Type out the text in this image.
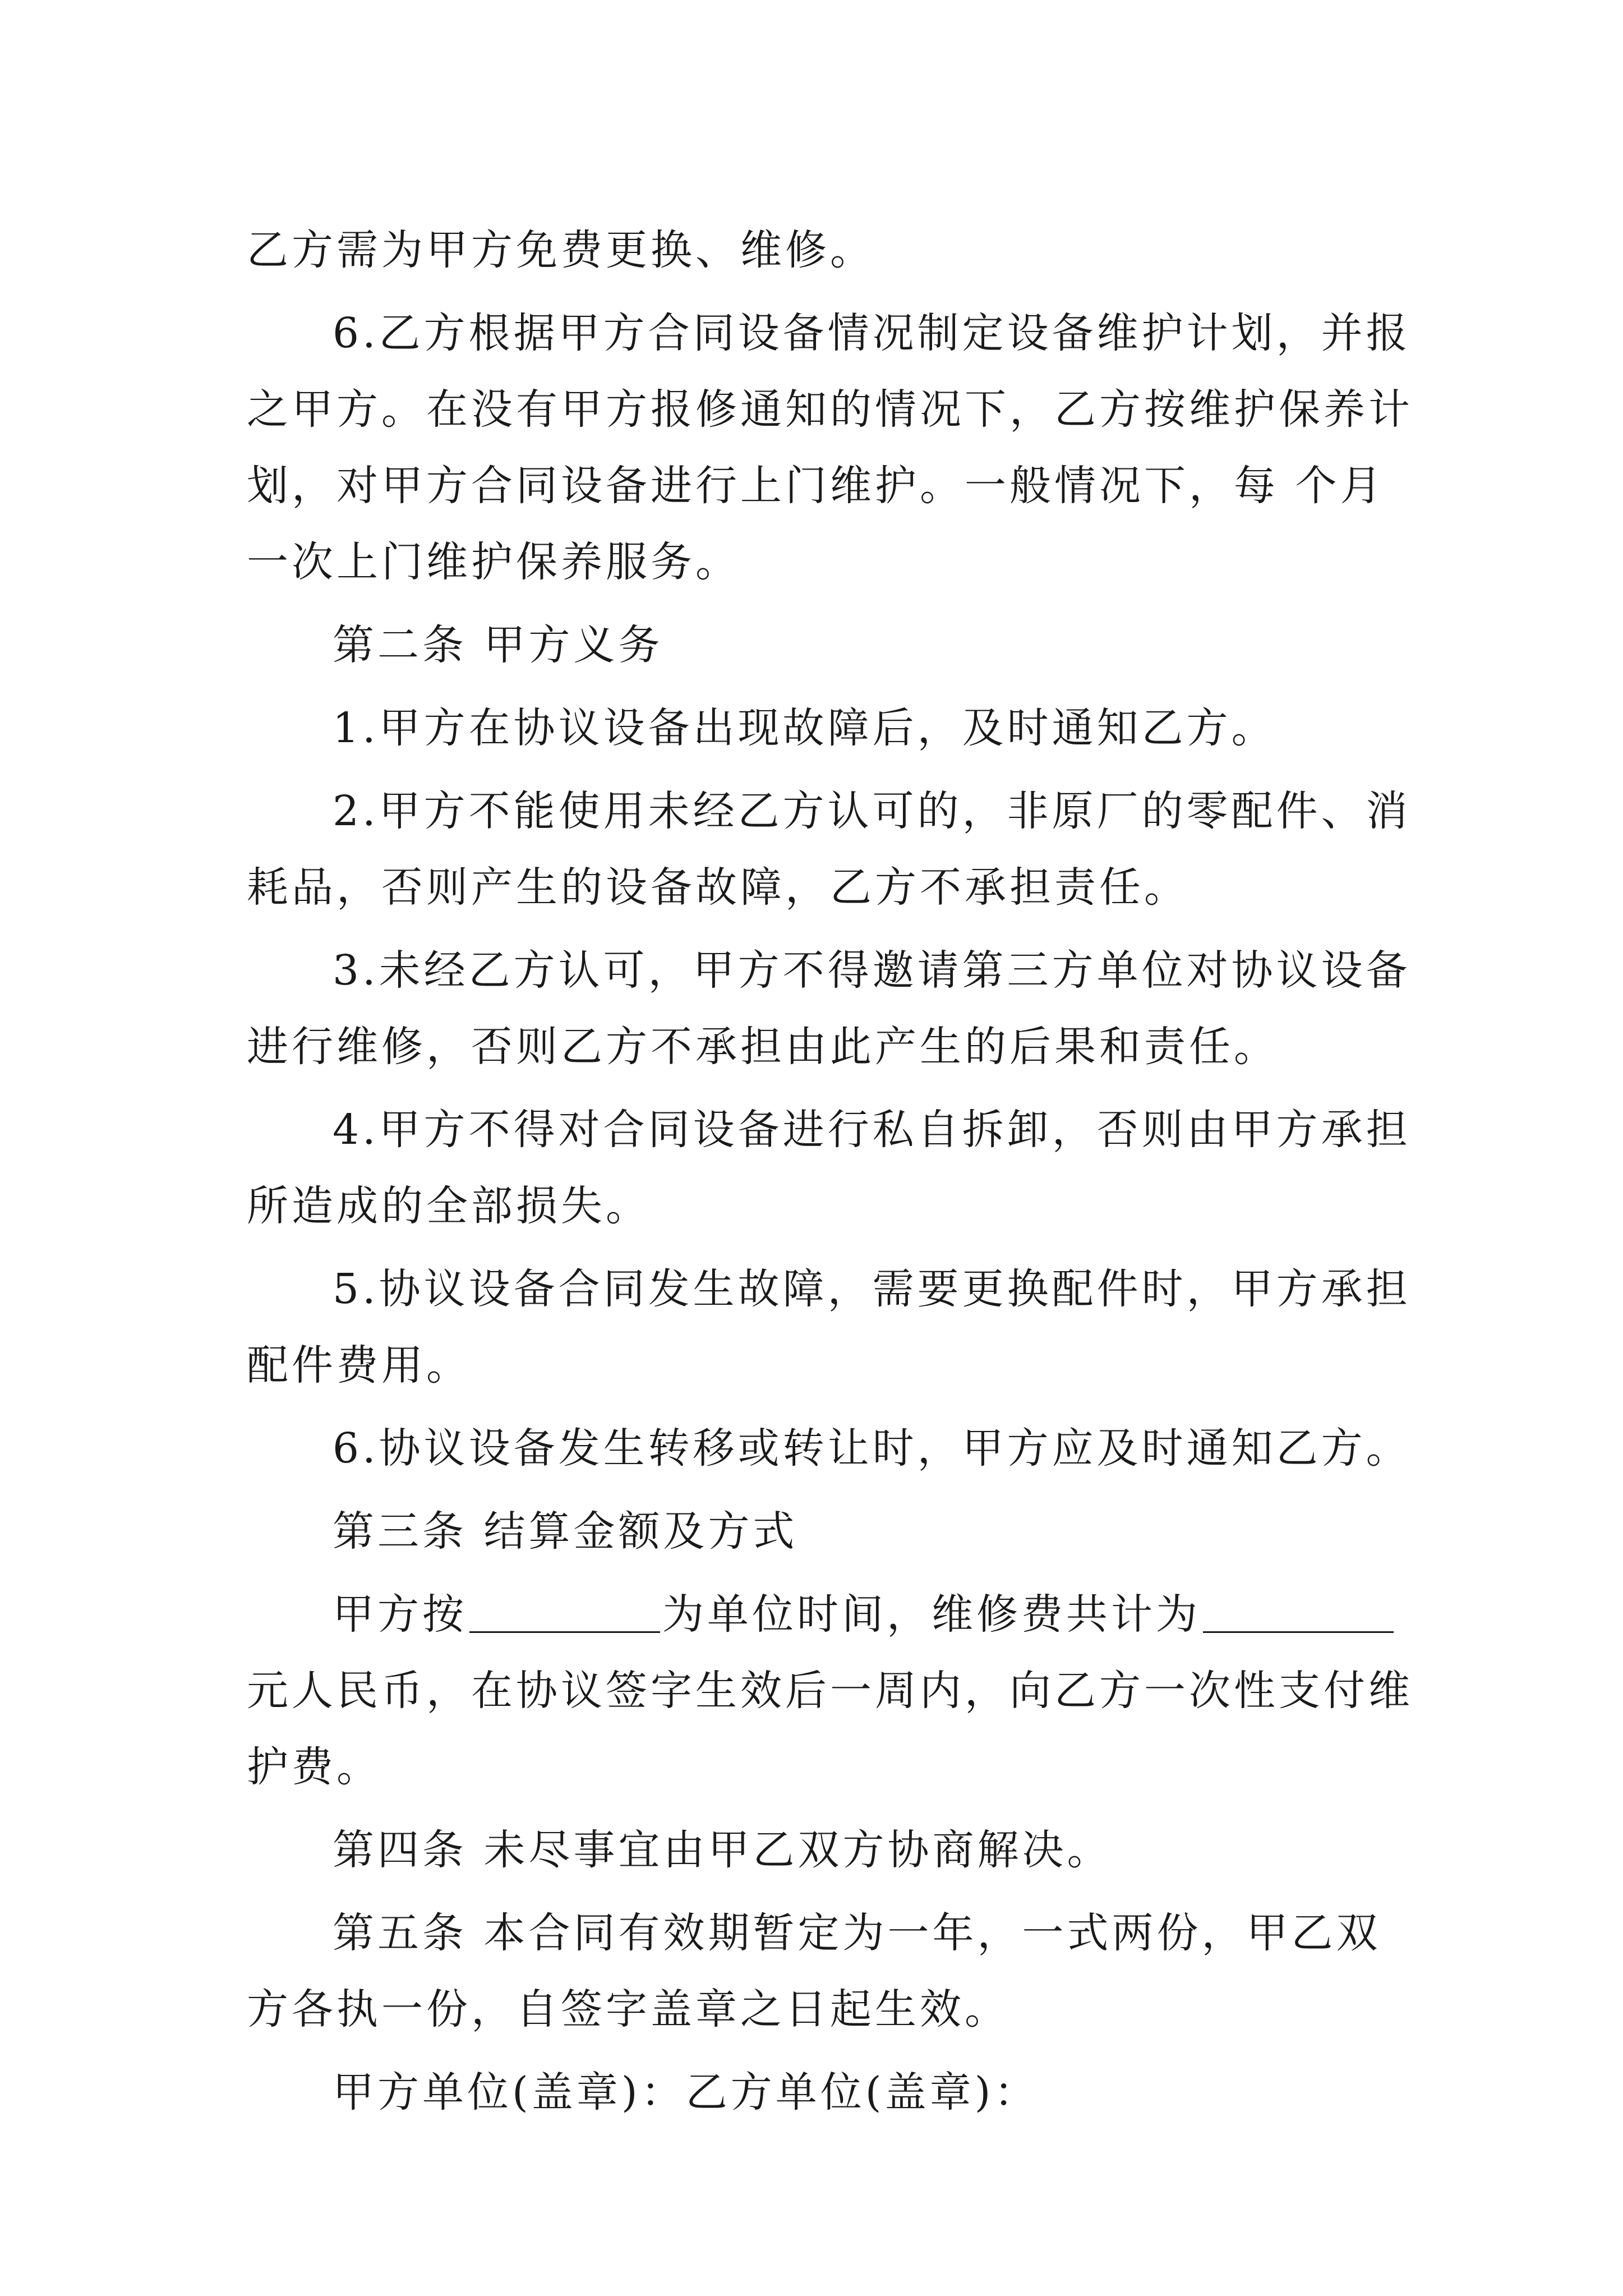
乙方需为甲方免费更换、维修。
6.乙方根据甲方合同设备情况制定设备维护计划，并报
之甲方。在没有甲方报修通知的情况下，乙方按维护保养计
划，对甲方合同设备进行上门维护。一般情况下，每 个月
一次上门维护保养服务。
第二条 甲方义务
1.甲方在协议设备出现故障后，及时通知乙方。
2.甲方不能使用未经乙方认可的，非原厂的零配件、消
耗品，否则产生的设备故障，乙方不承担责任。
3.未经乙方认可，甲方不得邀请第三方单位对协议设备
进行维修，否则乙方不承担由此产生的后果和责任。
4.甲方不得对合同设备进行私自拆卸，否则由甲方承担
所造成的全部损失。
5.协议设备合同发生故障，需要更换配件时，甲方承担
配件费用。
6.协议设备发生转移或转让时，甲方应及时通知乙方。
第三条 结算金额及方式
甲方按	为单位时间，维修费共计为
元人民币，在协议签字生效后一周内，向乙方一次性支付维
护费。
第四条 未尽事宜由甲乙双方协商解决。
第五条 本合同有效期暂定为一年，一式两份，甲乙双
方各执一份，自签字盖章之日起生效。
甲方单位(盖章)：乙方单位(盖章)：
